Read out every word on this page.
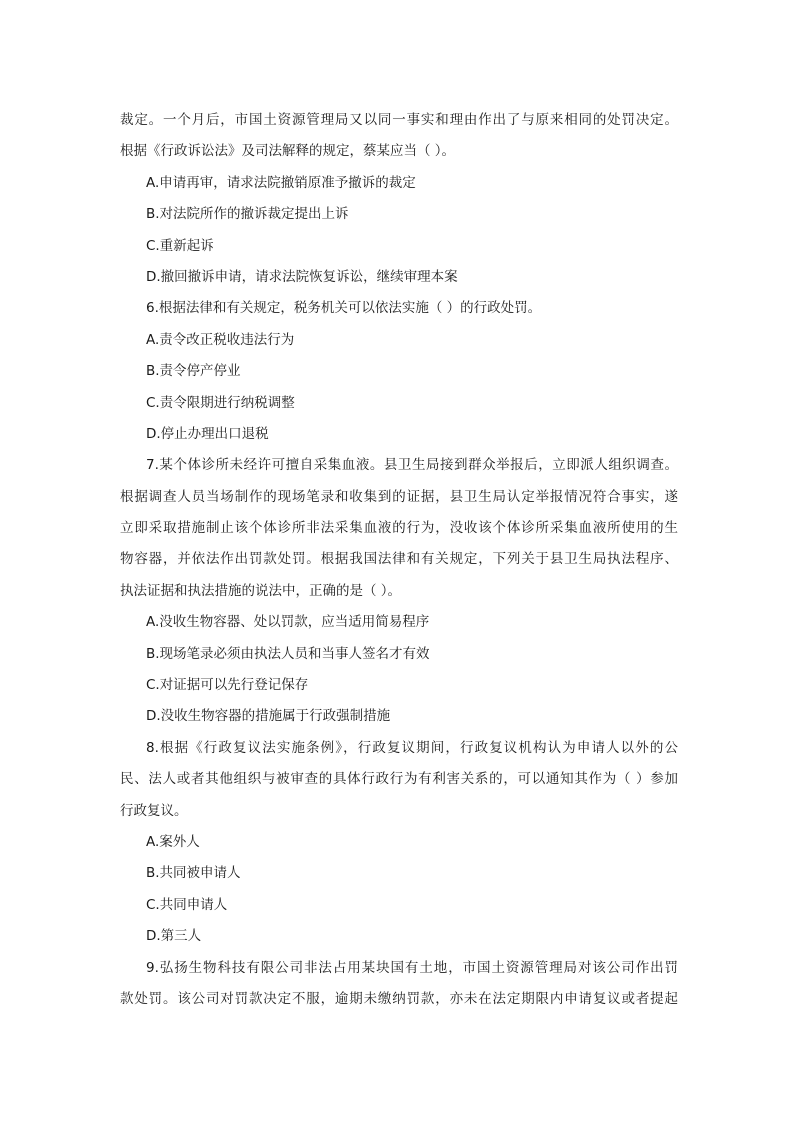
裁定。一个月后，市国土资源管理局又以同一事实和理由作出了与原来相同的处罚决定。
根据《行政诉讼法》及司法解释的规定，蔡某应当（ ）。
A.申请再审，请求法院撤销原准予撤诉的裁定
B.对法院所作的撤诉裁定提出上诉
C.重新起诉
D.撤回撤诉申请，请求法院恢复诉讼，继续审理本案
6.根据法律和有关规定，税务机关可以依法实施（ ）的行政处罚。
A.责令改正税收违法行为
B.责令停产停业
C.责令限期进行纳税调整
D.停止办理出口退税
7.某个体诊所未经许可擅自采集血液。县卫生局接到群众举报后，立即派人组织调查。
根据调查人员当场制作的现场笔录和收集到的证据，县卫生局认定举报情况符合事实，遂
立即采取措施制止该个体诊所非法采集血液的行为，没收该个体诊所采集血液所使用的生
物容器，并依法作出罚款处罚。根据我国法律和有关规定，下列关于县卫生局执法程序、
执法证据和执法措施的说法中，正确的是（ ）。
A.没收生物容器、处以罚款，应当适用简易程序
B.现场笔录必须由执法人员和当事人签名才有效
C.对证据可以先行登记保存
D.没收生物容器的措施属于行政强制措施
8.根据《行政复议法实施条例》，行政复议期间，行政复议机构认为申请人以外的公
民、法人或者其他组织与被审查的具体行政行为有利害关系的，可以通知其作为（ ）参加
行政复议。
A.案外人
B.共同被申请人
C.共同申请人
D.第三人
9.弘扬生物科技有限公司非法占用某块国有土地，市国土资源管理局对该公司作出罚
款处罚。该公司对罚款决定不服，逾期未缴纳罚款，亦未在法定期限内申请复议或者提起
